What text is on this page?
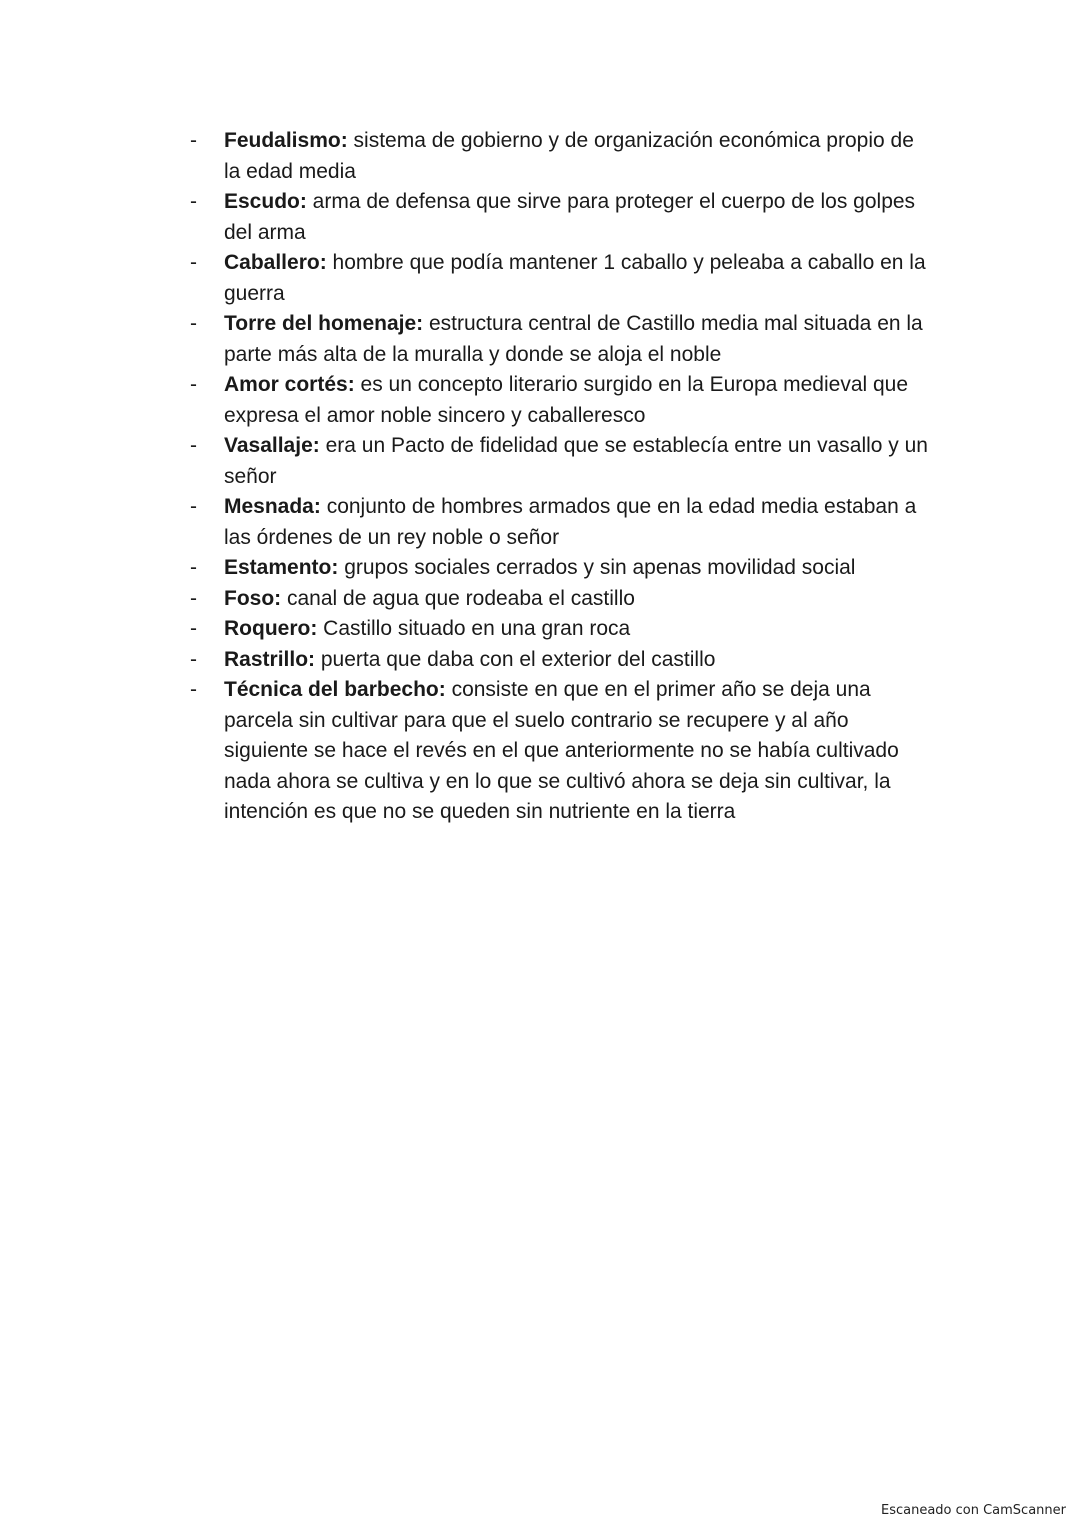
-	Feudalismo: sistema de gobierno y de organización económica propio de la edad media
-	Escudo: arma de defensa que sirve para proteger el cuerpo de los golpes del arma
-	Caballero: hombre que podía mantener 1 caballo y peleaba a caballo en la guerra
-	Torre del homenaje: estructura central de Castillo media mal situada en la parte más alta de la muralla y donde se aloja el noble
-	Amor cortés: es un concepto literario surgido en la Europa medieval que expresa el amor noble sincero y caballeresco
-	Vasallaje: era un Pacto de fidelidad que se establecía entre un vasallo y un señor
-	Mesnada: conjunto de hombres armados que en la edad media estaban a las órdenes de un rey noble o señor
-	Estamento: grupos sociales cerrados y sin apenas movilidad social
-	Foso: canal de agua que rodeaba el castillo
-	Roquero: Castillo situado en una gran roca
-	Rastrillo: puerta que daba con el exterior del castillo
-	Técnica del barbecho: consiste en que en el primer año se deja una parcela sin cultivar para que el suelo contrario se recupere y al año siguiente se hace el revés en el que anteriormente no se había cultivado nada ahora se cultiva y en lo que se cultivó ahora se deja sin cultivar, la intención es que no se queden sin nutriente en la tierra
Escaneado con CamScanner
